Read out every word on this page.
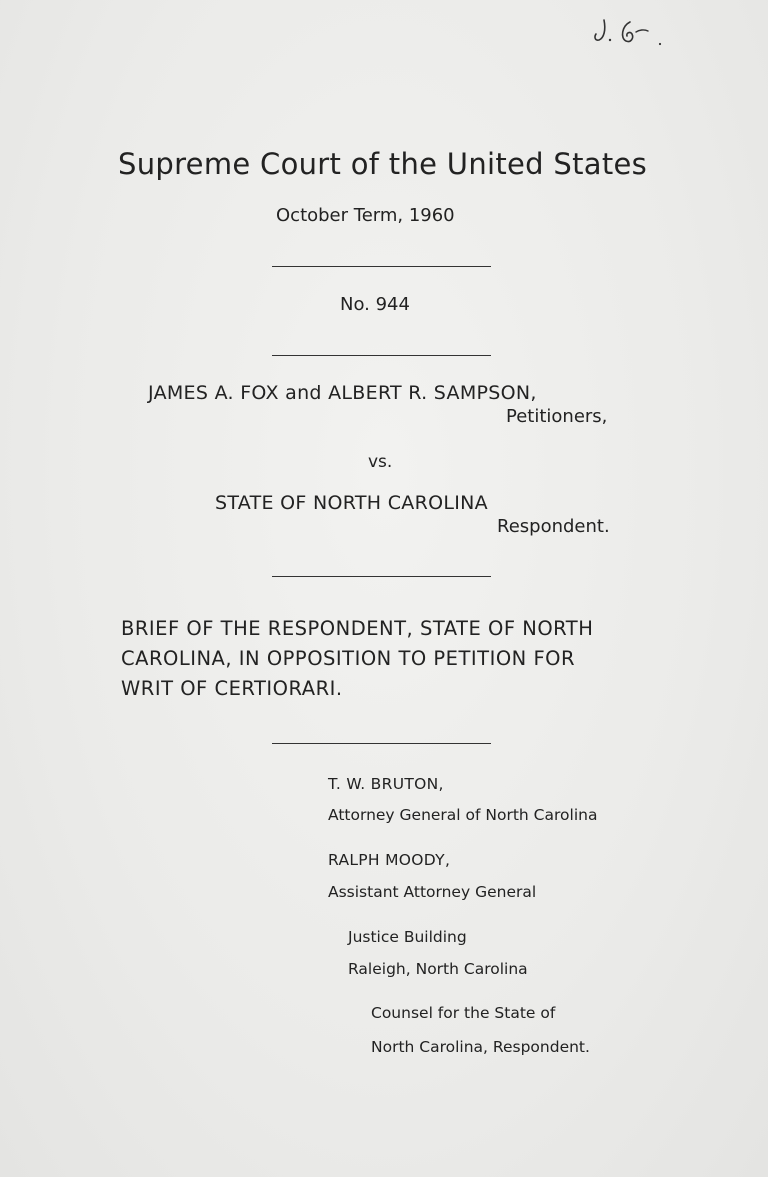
Supreme Court of the United States
October Term, 1960
No. 944
JAMES A. FOX and ALBERT R. SAMPSON,
Petitioners,
vs.
STATE OF NORTH CAROLINA
Respondent.
BRIEF OF THE RESPONDENT, STATE OF NORTH
CAROLINA, IN OPPOSITION TO PETITION FOR
WRIT OF CERTIORARI.
T. W. BRUTON,
Attorney General of North Carolina
RALPH MOODY,
Assistant Attorney General
Justice Building
Raleigh, North Carolina
Counsel for the State of
North Carolina, Respondent.
